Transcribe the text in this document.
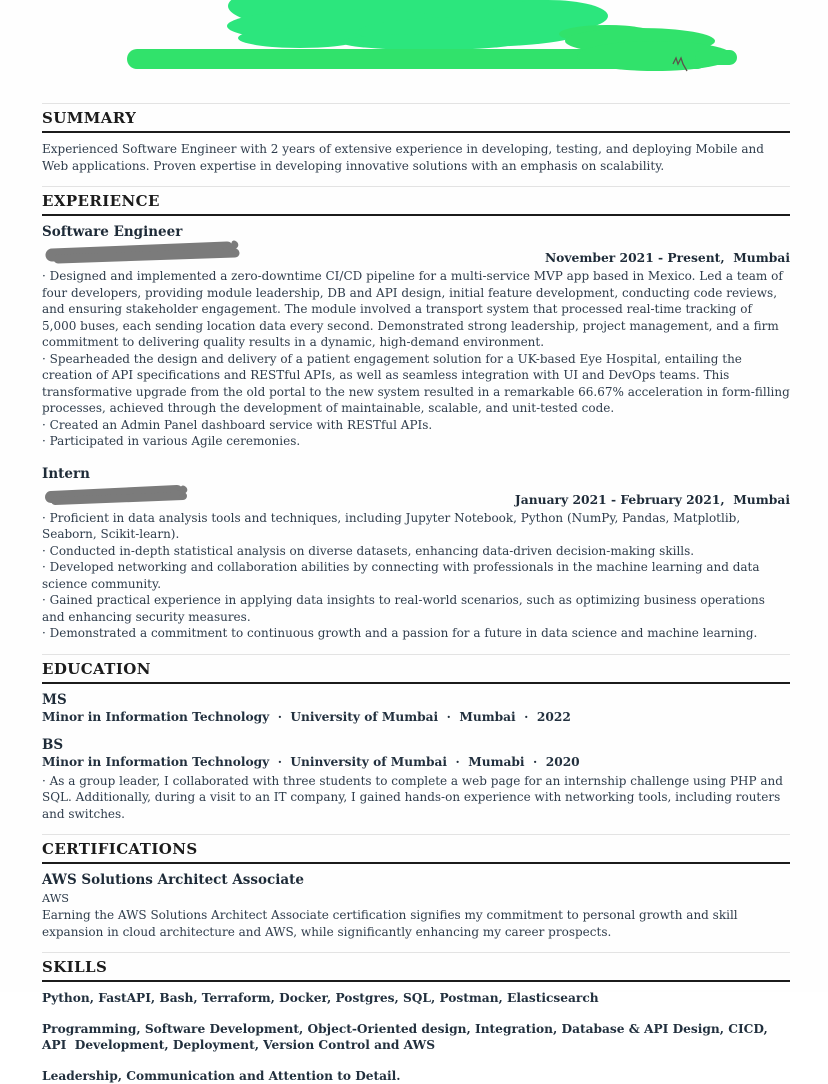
SUMMARY

Experienced Software Engineer with 2 years of extensive experience in developing, testing, and deploying Mobile and Web applications. Proven expertise in developing innovative solutions with an emphasis on scalability.

EXPERIENCE
Software Engineer
November 2021 - Present,  Mumbai
· Designed and implemented a zero-downtime CI/CD pipeline for a multi-service MVP app based in Mexico. Led a team of four developers, providing module leadership, DB and API design, initial feature development, conducting code reviews, and ensuring stakeholder engagement. The module involved a transport system that processed real-time tracking of 5,000 buses, each sending location data every second. Demonstrated strong leadership, project management, and a firm commitment to delivering quality results in a dynamic, high-demand environment.
· Spearheaded the design and delivery of a patient engagement solution for a UK-based Eye Hospital, entailing the creation of API specifications and RESTful APIs, as well as seamless integration with UI and DevOps teams. This transformative upgrade from the old portal to the new system resulted in a remarkable 66.67% acceleration in form-filling processes, achieved through the development of maintainable, scalable, and unit-tested code.
· Created an Admin Panel dashboard service with RESTful APIs.
· Participated in various Agile ceremonies.
Intern
January 2021 - February 2021,  Mumbai
· Proficient in data analysis tools and techniques, including Jupyter Notebook, Python (NumPy, Pandas, Matplotlib, Seaborn, Scikit-learn).
· Conducted in-depth statistical analysis on diverse datasets, enhancing data-driven decision-making skills.
· Developed networking and collaboration abilities by connecting with professionals in the machine learning and data science community.
· Gained practical experience in applying data insights to real-world scenarios, such as optimizing business operations and enhancing security measures.
· Demonstrated a commitment to continuous growth and a passion for a future in data science and machine learning.
EDUCATION
MS
Minor in Information Technology  ·  University of Mumbai  ·  Mumbai  ·  2022
BS
Minor in Information Technology  ·  Uninversity of Mumbai  ·  Mumabi  ·  2020
· As a group leader, I collaborated with three students to complete a web page for an internship challenge using PHP and SQL. Additionally, during a visit to an IT company, I gained hands-on experience with networking tools, including routers and switches.
CERTIFICATIONS
AWS Solutions Architect Associate
AWS

Earning the AWS Solutions Architect Associate certification signifies my commitment to personal growth and skill expansion in cloud architecture and AWS, while significantly enhancing my career prospects.

SKILLS
Python, FastAPI, Bash, Terraform, Docker, Postgres, SQL, Postman, Elasticsearch
Programming, Software Development, Object-Oriented design, Integration, Database & API Design, CICD, API  Development, Deployment, Version Control and AWS
Leadership, Communication and Attention to Detail.
